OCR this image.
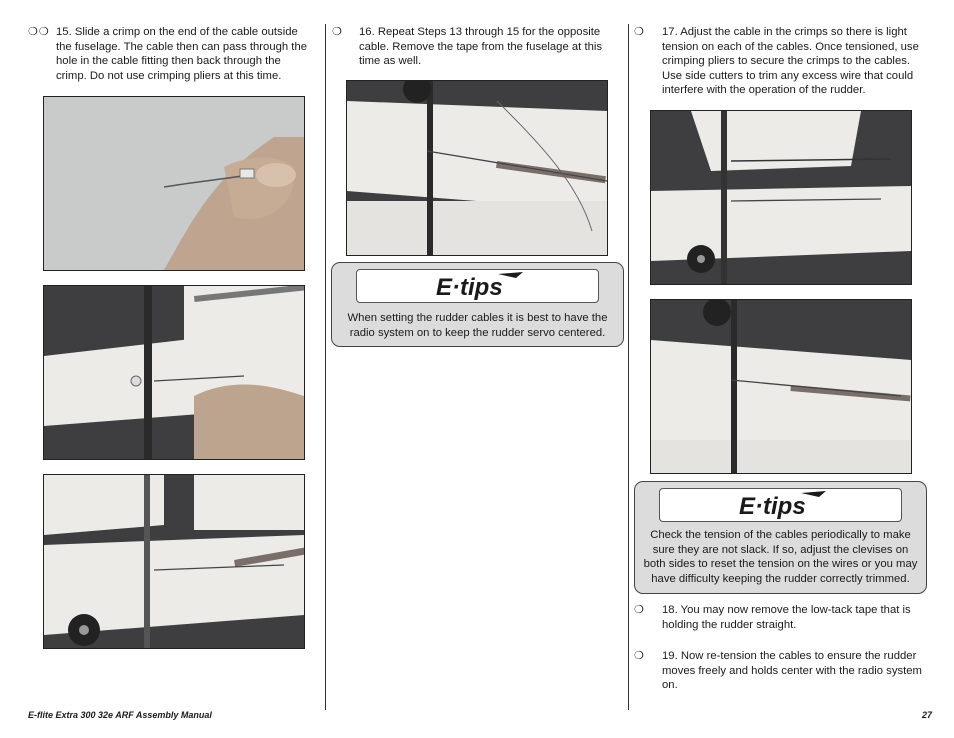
❍❍ 15. Slide a crimp on the end of the cable outside the fuselage. The cable then can pass through the hole in the cable fitting then back through the crimp. Do not use crimping pliers at this time.
E-flite Extra 300 32e ARF Assembly Manual
❍ 16. Repeat Steps 13 through 15 for the opposite cable. Remove the tape from the fuselage at this time as well.
E·tips
When setting the rudder cables it is best to have the radio system on to keep the rudder servo centered.
❍ 17. Adjust the cable in the crimps so there is light tension on each of the cables. Once tensioned, use crimping pliers to secure the crimps to the cables. Use side cutters to trim any excess wire that could interfere with the operation of the rudder.
E·tips
Check the tension of the cables periodically to make sure they are not slack. If so, adjust the clevises on both sides to reset the tension on the wires or you may have difficulty keeping the rudder correctly trimmed.
❍ 18. You may now remove the low-tack tape that is holding the rudder straight.
❍ 19. Now re-tension the cables to ensure the rudder moves freely and holds center with the radio system on.
27
